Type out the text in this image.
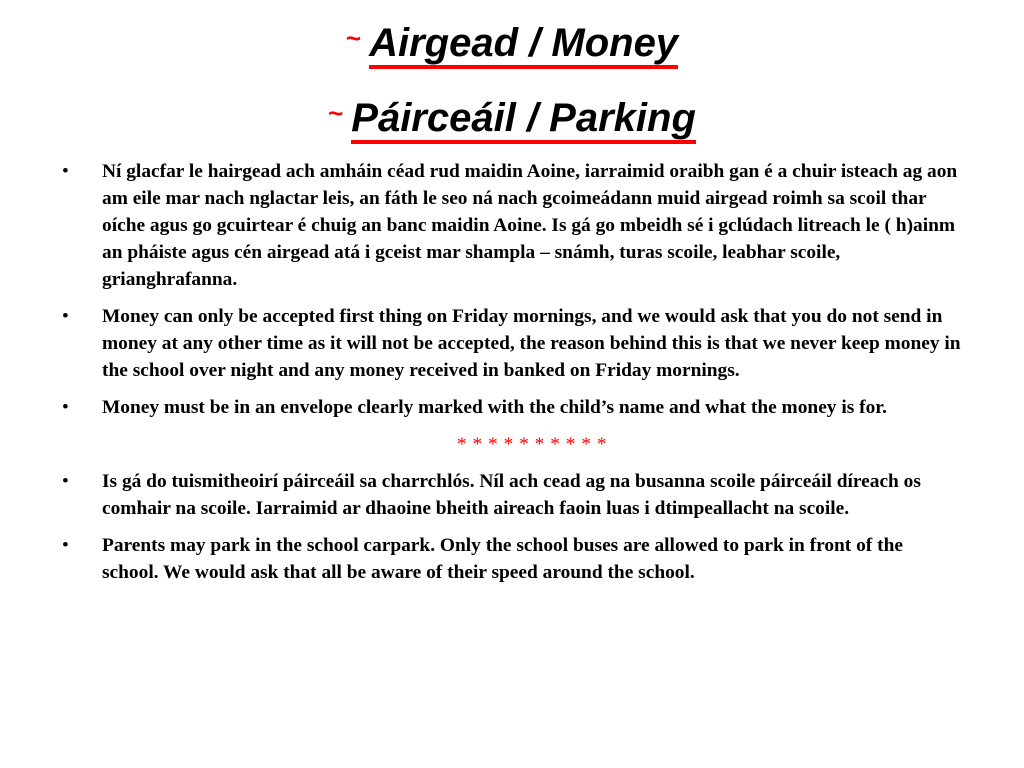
~ Airgead / Money
~ Páirceáil / Parking
• Ní glacfar le hairgead ach amháin céad rud maidin Aoine, iarraimid oraibh gan é a chuir isteach ag aon am eile mar nach nglactar leis, an fáth le seo ná nach gcoimeádann muid airgead roimh sa scoil thar oíche agus go gcuirtear é chuig an banc maidin Aoine. Is gá go mbeidh sé i gclúdach litreach le ( h)ainm an pháiste agus cén airgead atá i gceist mar shampla – snámh, turas scoile, leabhar scoile, grianghrafanna.
• Money can only be accepted first thing on Friday mornings, and we would ask that you do not send in money at any other time as it will not be accepted, the reason behind this is that we never keep money in the school over night and any money received in banked on Friday mornings.
• Money must be in an envelope clearly marked with the child’s name and what the money is for.
* * * * * * * * * *
• Is gá do tuismitheoirí páirceáil sa charrchlós. Níl ach cead ag na busanna scoile páirceáil díreach os comhair na scoile. Iarraimid ar dhaoine bheith aireach faoin luas i dtimpeallacht na scoile.
• Parents may park in the school carpark. Only the school buses are allowed to park in front of the school. We would ask that all be aware of their speed around the school.
